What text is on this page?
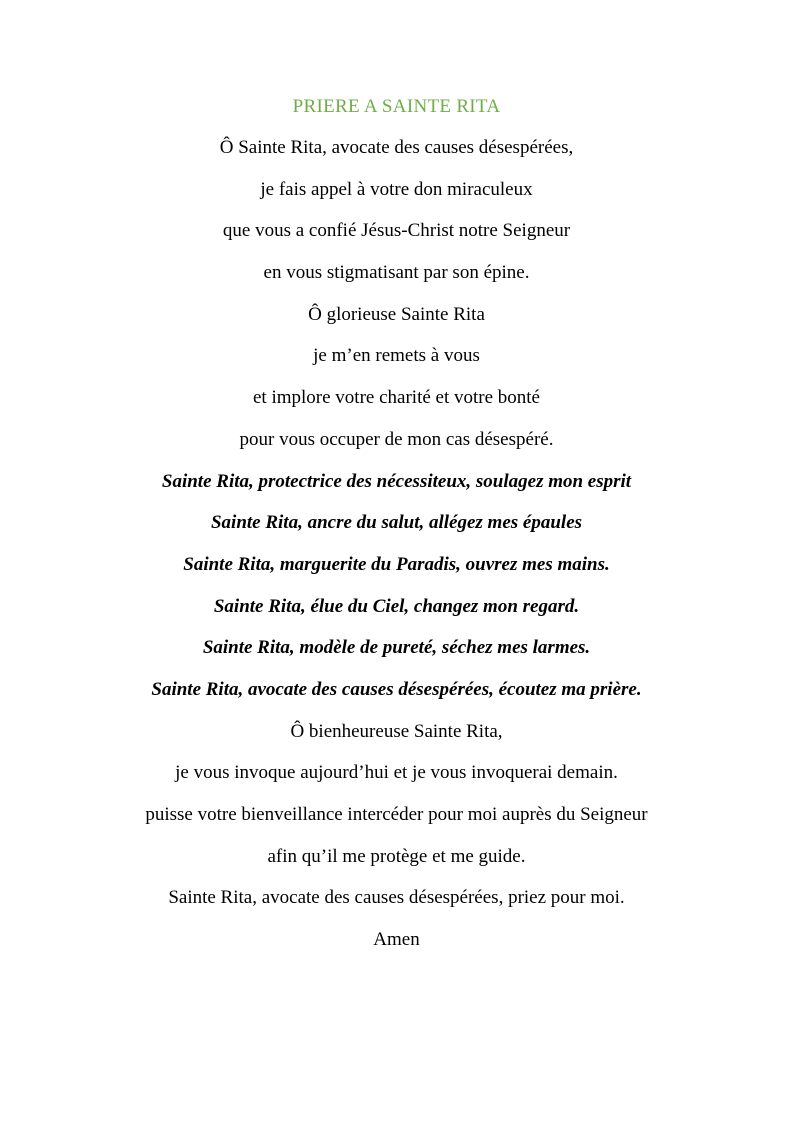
PRIERE A SAINTE RITA
Ô Sainte Rita, avocate des causes désespérées,
je fais appel à votre don miraculeux
que vous a confié Jésus-Christ notre Seigneur
en vous stigmatisant par son épine.
Ô glorieuse Sainte Rita
je m’en remets à vous
et implore votre charité et votre bonté
pour vous occuper de mon cas désespéré.
Sainte Rita, protectrice des nécessiteux, soulagez mon esprit
Sainte Rita, ancre du salut, allégez mes épaules
Sainte Rita, marguerite du Paradis, ouvrez mes mains.
Sainte Rita, élue du Ciel, changez mon regard.
Sainte Rita, modèle de pureté, séchez mes larmes.
Sainte Rita, avocate des causes désespérées, écoutez ma prière.
Ô bienheureuse Sainte Rita,
je vous invoque aujourd’hui et je vous invoquerai demain.
puisse votre bienveillance intercéder pour moi auprès du Seigneur
afin qu’il me protège et me guide.
Sainte Rita, avocate des causes désespérées, priez pour moi.
Amen
